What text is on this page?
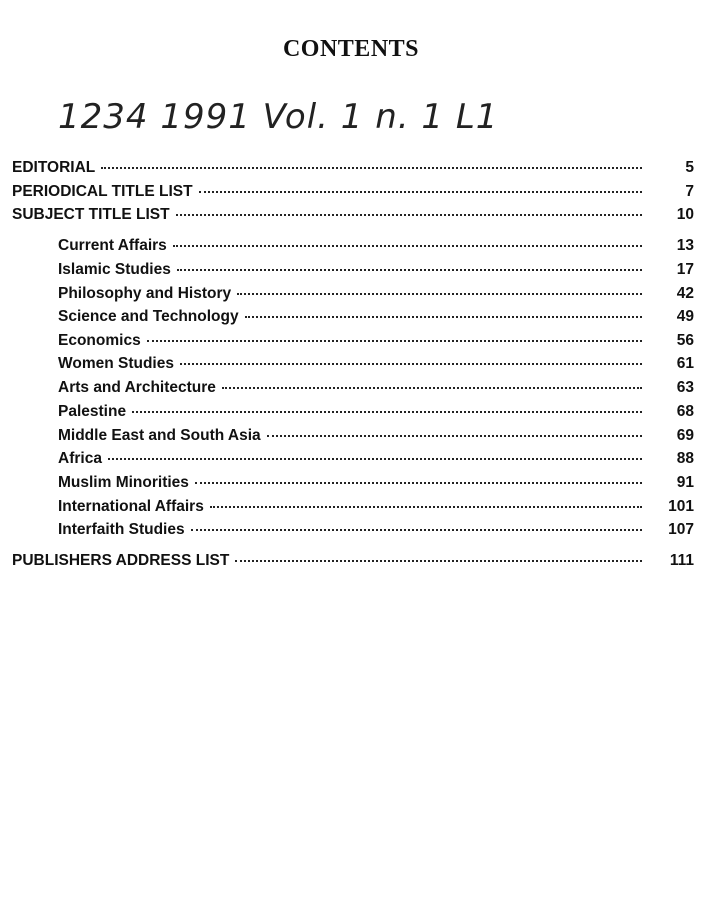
CONTENTS
1234 1991 Vol. 1 n. 1 L1
EDITORIAL	5
PERIODICAL TITLE LIST	7
SUBJECT TITLE LIST	10
Current Affairs	13
Islamic Studies	17
Philosophy and History	42
Science and Technology	49
Economics	56
Women Studies	61
Arts and Architecture	63
Palestine	68
Middle East and South Asia	69
Africa	88
Muslim Minorities	91
International Affairs	101
Interfaith Studies	107
PUBLISHERS ADDRESS LIST	111
